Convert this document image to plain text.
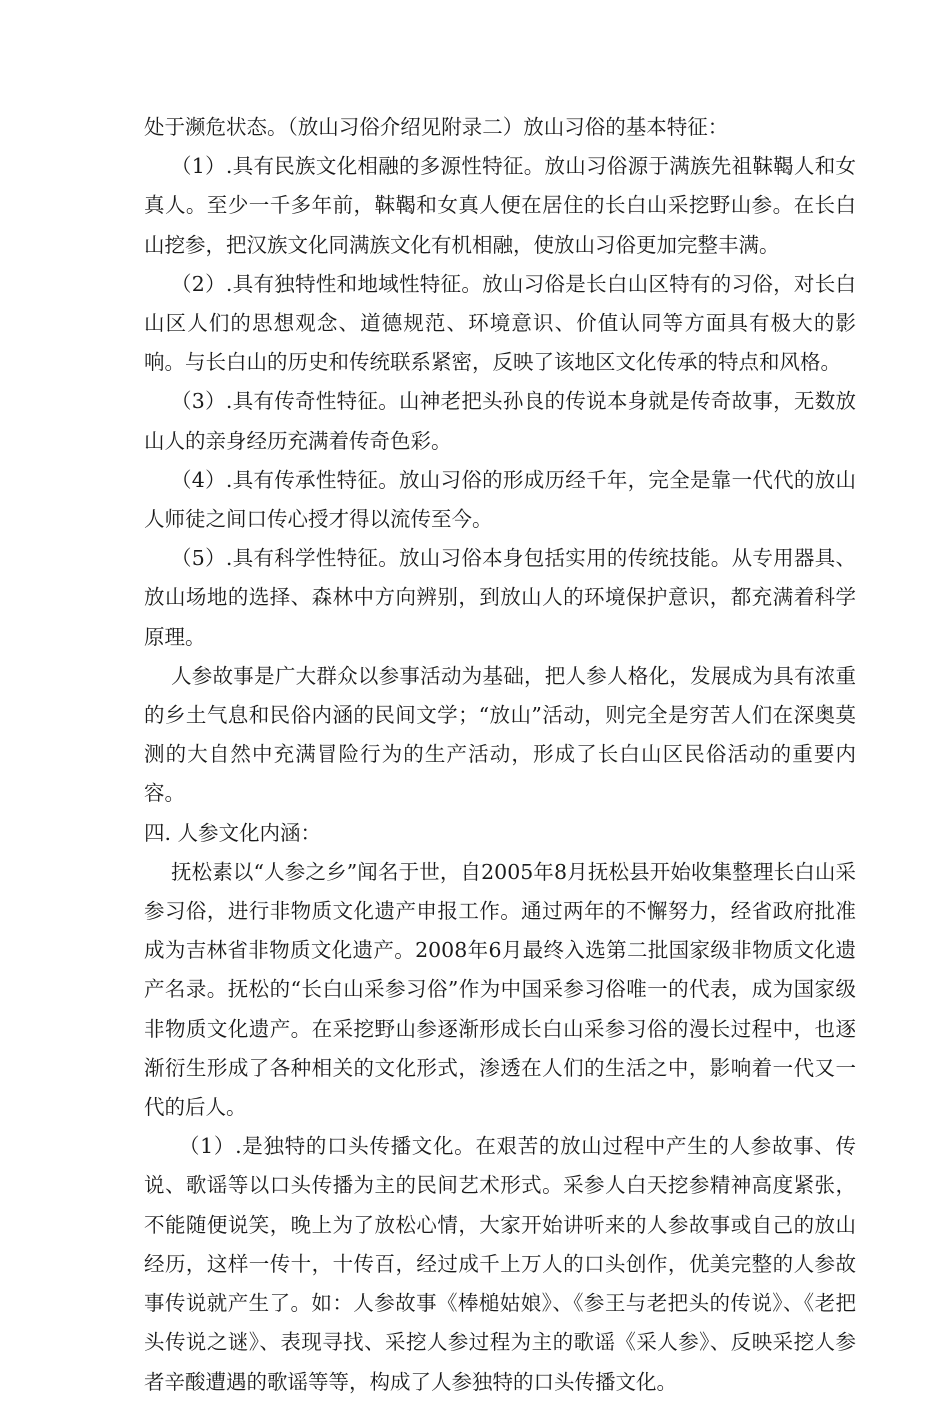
处于濒危状态。（放山习俗介绍见附录二）放山习俗的基本特征：

（1）.具有民族文化相融的多源性特征。放山习俗源于满族先祖靺鞨人和女真人。至少一千多年前，靺鞨和女真人便在居住的长白山采挖野山参。在长白山挖参，把汉族文化同满族文化有机相融，使放山习俗更加完整丰满。

（2）.具有独特性和地域性特征。放山习俗是长白山区特有的习俗，对长白山区人们的思想观念、道德规范、环境意识、价值认同等方面具有极大的影响。与长白山的历史和传统联系紧密，反映了该地区文化传承的特点和风格。

（3）.具有传奇性特征。山神老把头孙良的传说本身就是传奇故事，无数放山人的亲身经历充满着传奇色彩。

（4）.具有传承性特征。放山习俗的形成历经千年，完全是靠一代代的放山人师徒之间口传心授才得以流传至今。

（5）.具有科学性特征。放山习俗本身包括实用的传统技能。从专用器具、放山场地的选择、森林中方向辨别，到放山人的环境保护意识，都充满着科学原理。

人参故事是广大群众以参事活动为基础，把人参人格化，发展成为具有浓重的乡土气息和民俗内涵的民间文学；“放山”活动，则完全是穷苦人们在深奥莫测的大自然中充满冒险行为的生产活动，形成了长白山区民俗活动的重要内容。

四. 人参文化内涵：

抚松素以“人参之乡”闻名于世，自2005年8月抚松县开始收集整理长白山采参习俗，进行非物质文化遗产申报工作。通过两年的不懈努力，经省政府批准成为吉林省非物质文化遗产。2008年6月最终入选第二批国家级非物质文化遗产名录。抚松的“长白山采参习俗”作为中国采参习俗唯一的代表，成为国家级非物质文化遗产。在采挖野山参逐渐形成长白山采参习俗的漫长过程中，也逐渐衍生形成了各种相关的文化形式，渗透在人们的生活之中，影响着一代又一代的后人。

（1）.是独特的口头传播文化。在艰苦的放山过程中产生的人参故事、传说、歌谣等以口头传播为主的民间艺术形式。采参人白天挖参精神高度紧张，不能随便说笑，晚上为了放松心情，大家开始讲听来的人参故事或自己的放山经历，这样一传十，十传百，经过成千上万人的口头创作，优美完整的人参故事传说就产生了。如：人参故事《棒槌姑娘》、《参王与老把头的传说》、《老把头传说之谜》、表现寻找、采挖人参过程为主的歌谣《采人参》、反映采挖人参者辛酸遭遇的歌谣等等，构成了人参独特的口头传播文化。
